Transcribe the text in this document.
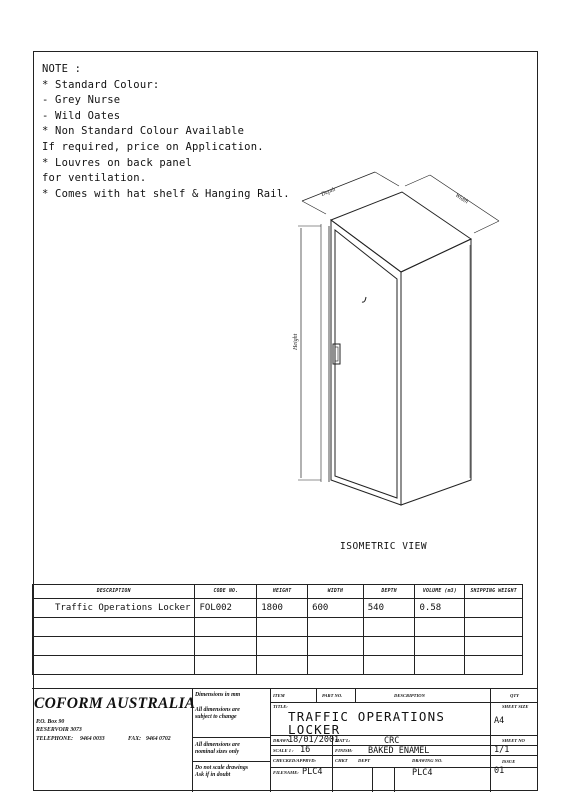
NOTE :
* Standard Colour:
- Grey Nurse
- Wild Oates
* Non Standard Colour Available
If required, price on Application.
* Louvres on back panel
for ventilation.
* Comes with hat shelf & Hanging Rail.	Depth
Width
Height
ISOMETRIC VIEW
DESCRIPTION	CODE NO.	HEIGHT	WIDTH	DEPTH	VOLUME (m3)	SHIPPING WEIGHT
Traffic Operations Locker	FOL002	1800	600	540	0.58	

COFORM AUSTRALIA
P.O. Box 90
RESERVOIR 3073
TELEPHONE: 9464 0033	FAX: 9464 0702
Dimensions in mm
All dimensions are
subject to change
All dimensions are
nominal sizes only
Do not scale drawings
Ask if in doubt
ITEM	PART NO.	DESCRIPTION	QTY
TITLE:
TRAFFIC OPERATIONS
LOCKER
SHEET SIZE
A4
SHEET NO
1/1
ISSUE
01
DRAWN
18/01/2001
MAT'L:	CRC
SCALE 1 : 16	FINISH: BAKED ENAMEL
CHECKED/APPRVD:	CHKT DEPT	DRAWING NO.
FILENAME: PLC4	PLC4
